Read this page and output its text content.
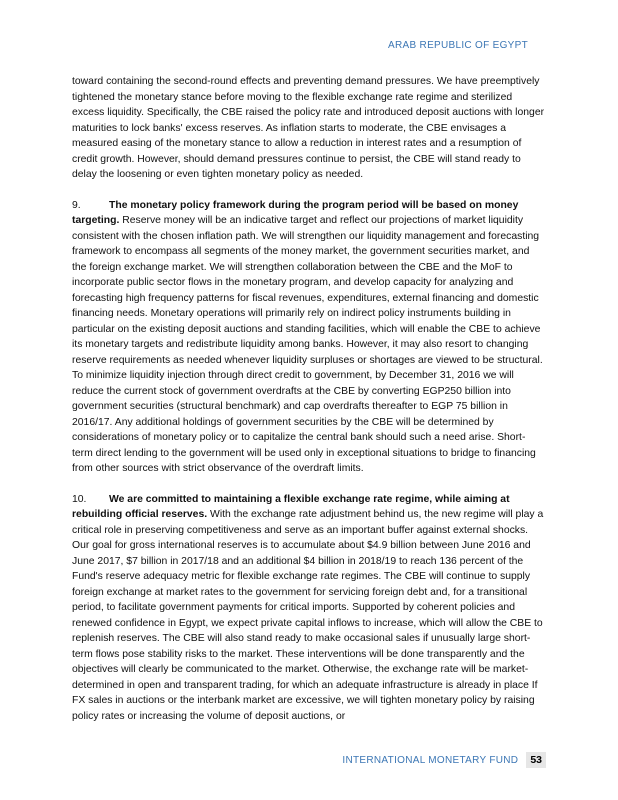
ARAB REPUBLIC OF EGYPT

toward containing the second-round effects and preventing demand pressures. We have preemptively tightened the monetary stance before moving to the flexible exchange rate regime and sterilized excess liquidity. Specifically, the CBE raised the policy rate and introduced deposit auctions with longer maturities to lock banks' excess reserves. As inflation starts to moderate, the CBE envisages a measured easing of the monetary stance to allow a reduction in interest rates and a resumption of credit growth. However, should demand pressures continue to persist, the CBE will stand ready to delay the loosening or even tighten monetary policy as needed.

9.	The monetary policy framework during the program period will be based on money targeting. Reserve money will be an indicative target and reflect our projections of market liquidity consistent with the chosen inflation path. We will strengthen our liquidity management and forecasting framework to encompass all segments of the money market, the government securities market, and the foreign exchange market. We will strengthen collaboration between the CBE and the MoF to incorporate public sector flows in the monetary program, and develop capacity for analyzing and forecasting high frequency patterns for fiscal revenues, expenditures, external financing and domestic financing needs. Monetary operations will primarily rely on indirect policy instruments building in particular on the existing deposit auctions and standing facilities, which will enable the CBE to achieve its monetary targets and redistribute liquidity among banks. However, it may also resort to changing reserve requirements as needed whenever liquidity surpluses or shortages are viewed to be structural. To minimize liquidity injection through direct credit to government, by December 31, 2016 we will reduce the current stock of government overdrafts at the CBE by converting EGP250 billion into government securities (structural benchmark) and cap overdrafts thereafter to EGP 75 billion in 2016/17. Any additional holdings of government securities by the CBE will be determined by considerations of monetary policy or to capitalize the central bank should such a need arise. Short-term direct lending to the government will be used only in exceptional situations to bridge to financing from other sources with strict observance of the overdraft limits.

10. We are committed to maintaining a flexible exchange rate regime, while aiming at rebuilding official reserves. With the exchange rate adjustment behind us, the new regime will play a critical role in preserving competitiveness and serve as an important buffer against external shocks. Our goal for gross international reserves is to accumulate about $4.9 billion between June 2016 and June 2017, $7 billion in 2017/18 and an additional $4 billion in 2018/19 to reach 136 percent of the Fund's reserve adequacy metric for flexible exchange rate regimes. The CBE will continue to supply foreign exchange at market rates to the government for servicing foreign debt and, for a transitional period, to facilitate government payments for critical imports. Supported by coherent policies and renewed confidence in Egypt, we expect private capital inflows to increase, which will allow the CBE to replenish reserves. The CBE will also stand ready to make occasional sales if unusually large short-term flows pose stability risks to the market. These interventions will be done transparently and the objectives will clearly be communicated to the market. Otherwise, the exchange rate will be market-determined in open and transparent trading, for which an adequate infrastructure is already in place If FX sales in auctions or the interbank market are excessive, we will tighten monetary policy by raising policy rates or increasing the volume of deposit auctions, or

INTERNATIONAL MONETARY FUND	53
